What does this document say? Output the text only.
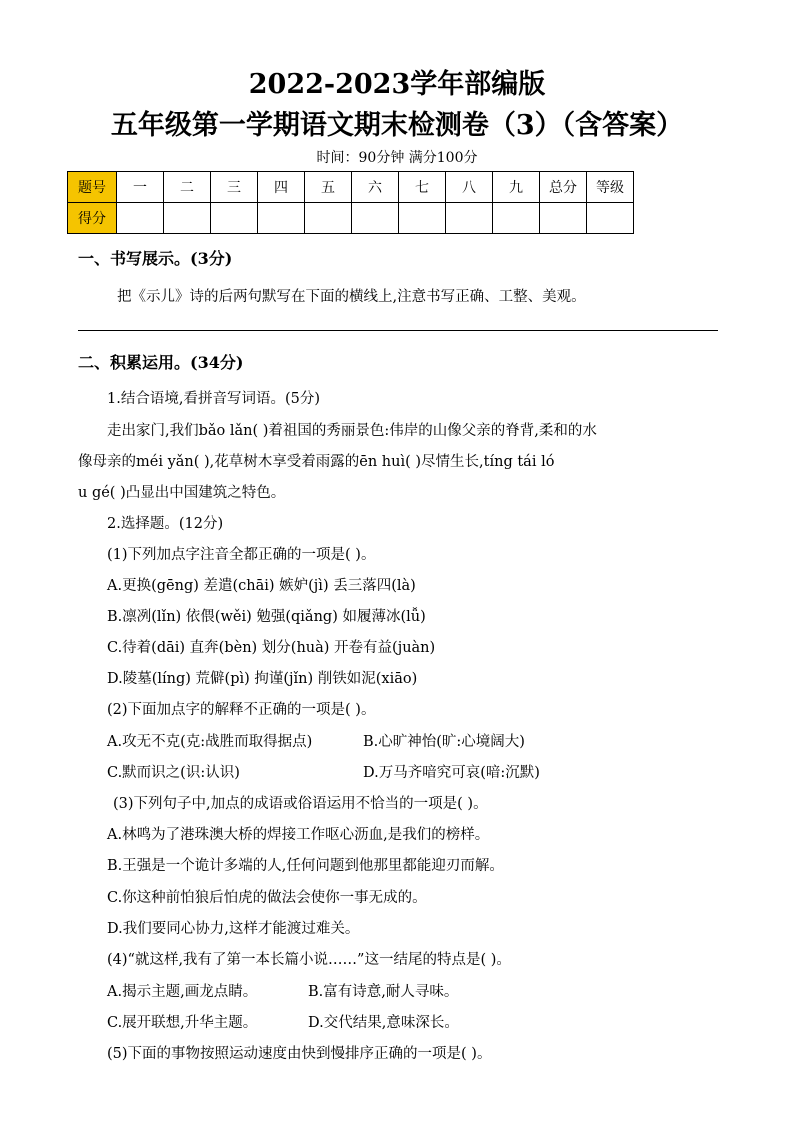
2022-2023学年部编版
五年级第一学期语文期末检测卷（3）（含答案）
时间：90分钟 满分100分
题号	一	二	三	四	五	六	七	八	九	总分	等级
得分											
一、书写展示。(3分)
把《示儿》诗的后两句默写在下面的横线上,注意书写正确、工整、美观。
二、积累运用。(34分)
1.结合语境,看拼音写词语。(5分)
走出家门,我们bǎo lǎn( )着祖国的秀丽景色:伟岸的山像父亲的脊背,柔和的水
像母亲的méi yǎn( ),花草树木享受着雨露的ēn huì( )尽情生长,tíng tái ló
u gé( )凸显出中国建筑之特色。
2.选择题。(12分)
(1)下列加点字注音全都正确的一项是( )。
A.更换(gēng) 差遣(chāi) 嫉妒(jì) 丢三落四(là)
B.凛冽(lǐn) 依偎(wěi) 勉强(qiǎng) 如履薄冰(lǚ)
C.待着(dāi) 直奔(bèn) 划分(huà) 开卷有益(juàn)
D.陵墓(líng) 荒僻(pì) 拘谨(jǐn) 削铁如泥(xiāo)
(2)下面加点字的解释不正确的一项是( )。
A.攻无不克(克:战胜而取得据点)	B.心旷神怡(旷:心境阔大)
C.默而识之(识:认识)	D.万马齐喑究可哀(喑:沉默)
(3)下列句子中,加点的成语或俗语运用不恰当的一项是( )。
A.林鸣为了港珠澳大桥的焊接工作呕心沥血,是我们的榜样。
B.王强是一个诡计多端的人,任何问题到他那里都能迎刃而解。
C.你这种前怕狼后怕虎的做法会使你一事无成的。
D.我们要同心协力,这样才能渡过难关。
(4)“就这样,我有了第一本长篇小说……”这一结尾的特点是( )。
A.揭示主题,画龙点睛。	B.富有诗意,耐人寻味。
C.展开联想,升华主题。	D.交代结果,意味深长。
(5)下面的事物按照运动速度由快到慢排序正确的一项是( )。
